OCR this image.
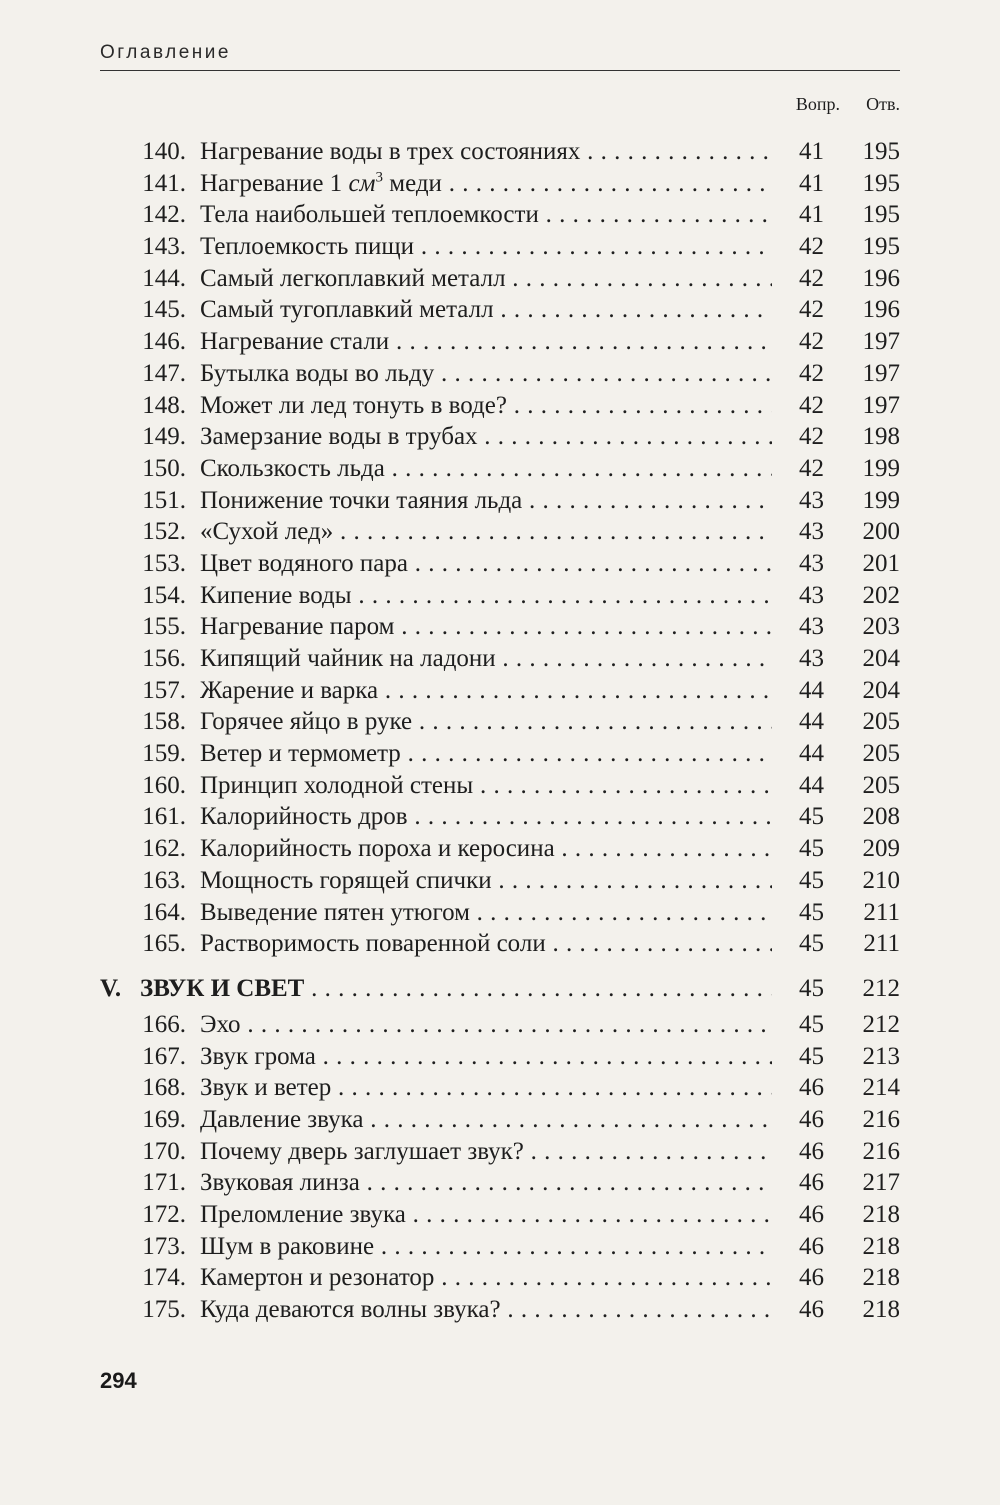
Оглавление
Вопр. Отв.
140. Нагревание воды в трех состояниях . . .	41 195
141. Нагревание 1 $см^3$ меди . . .	41 195
142. Тела наибольшей теплоемкости . . .	41 195
143. Теплоемкость пищи . . .	42 195
144. Самый легкоплавкий металл . . .	42 196
145. Самый тугоплавкий металл . . .	42 196
146. Нагревание стали . . .	42 197
147. Бутылка воды во льду . . .	42 197
148. Может ли лед тонуть в воде? . . .	42 197
149. Замерзание воды в трубах . . .	42 198
150. Скользкость льда . . .	42 199
151. Понижение точки таяния льда . . .	43 199
152. «Сухой лед» . . .	43 200
153. Цвет водяного пара . . .	43 201
154. Кипение воды . . .	43 202
155. Нагревание паром . . .	43 203
156. Кипящий чайник на ладони . . .	43 204
157. Жарение и варка . . .	44 204
158. Горячее яйцо в руке . . .	44 205
159. Ветер и термометр . . .	44 205
160. Принцип холодной стены . . .	44 205
161. Калорийность дров . . .	45 208
162. Калорийность пороха и керосина . . .	45 209
163. Мощность горящей спички . . .	45 210
164. Выведение пятен утюгом . . .	45 211
165. Растворимость поваренной соли . . .	45 211
V. ЗВУК И СВЕТ . . .	45 212
166. Эхо . . .	45 212
167. Звук грома . . .	45 213
168. Звук и ветер . . .	46 214
169. Давление звука . . .	46 216
170. Почему дверь заглушает звук? . . .	46 216
171. Звуковая линза . . .	46 217
172. Преломление звука . . .	46 218
173. Шум в раковине . . .	46 218
174. Камертон и резонатор . . .	46 218
175. Куда деваются волны звука? . . .	46 218
294
